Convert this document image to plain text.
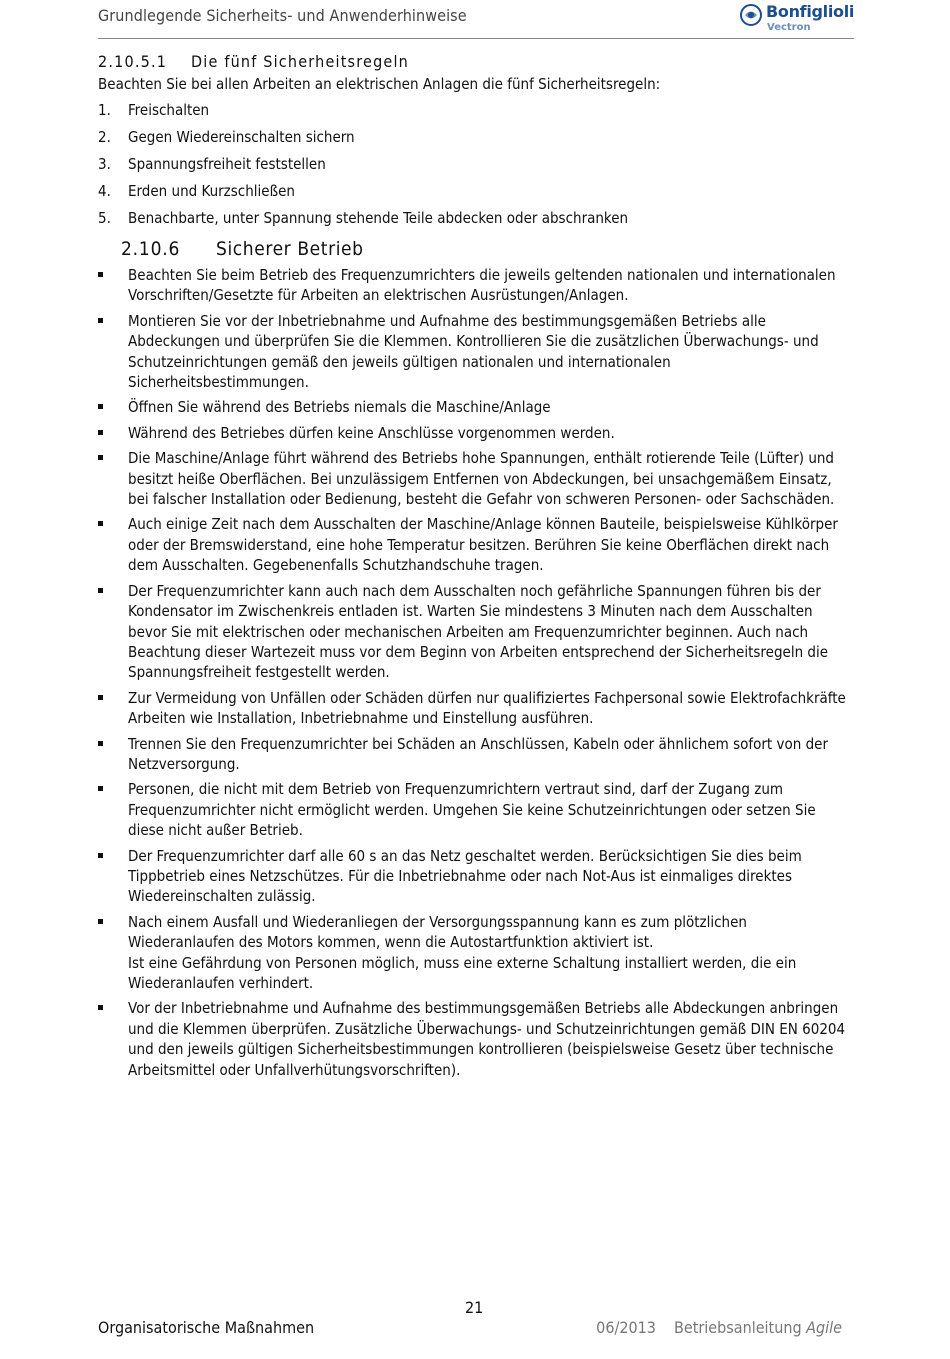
Grundlegende Sicherheits- und Anwenderhinweise	Bonfiglioli
Vectron
2.10.5.1 Die fünf Sicherheitsregeln
Beachten Sie bei allen Arbeiten an elektrischen Anlagen die fünf Sicherheitsregeln:
1. Freischalten
2. Gegen Wiedereinschalten sichern
3. Spannungsfreiheit feststellen
4. Erden und Kurzschließen
5. Benachbarte, unter Spannung stehende Teile abdecken oder abschranken
2.10.6 Sicherer Betrieb
Beachten Sie beim Betrieb des Frequenzumrichters die jeweils geltenden nationalen und internationalen Vorschriften/Gesetzte für Arbeiten an elektrischen Ausrüstungen/Anlagen.
Montieren Sie vor der Inbetriebnahme und Aufnahme des bestimmungsgemäßen Betriebs alle Abdeckungen und überprüfen Sie die Klemmen. Kontrollieren Sie die zusätzlichen Überwachungs- und Schutzeinrichtungen gemäß den jeweils gültigen nationalen und internationalen Sicherheitsbestimmungen.
Öffnen Sie während des Betriebs niemals die Maschine/Anlage
Während des Betriebes dürfen keine Anschlüsse vorgenommen werden.
Die Maschine/Anlage führt während des Betriebs hohe Spannungen, enthält rotierende Teile (Lüfter) und besitzt heiße Oberflächen. Bei unzulässigem Entfernen von Abdeckungen, bei unsachgemäßem Einsatz, bei falscher Installation oder Bedienung, besteht die Gefahr von schweren Personen- oder Sachschäden.
Auch einige Zeit nach dem Ausschalten der Maschine/Anlage können Bauteile, beispielsweise Kühlkörper oder der Bremswiderstand, eine hohe Temperatur besitzen. Berühren Sie keine Oberflächen direkt nach dem Ausschalten. Gegebenenfalls Schutzhandschuhe tragen.
Der Frequenzumrichter kann auch nach dem Ausschalten noch gefährliche Spannungen führen bis der Kondensator im Zwischenkreis entladen ist. Warten Sie mindestens 3 Minuten nach dem Ausschalten bevor Sie mit elektrischen oder mechanischen Arbeiten am Frequenzumrichter beginnen. Auch nach Beachtung dieser Wartezeit muss vor dem Beginn von Arbeiten entsprechend der Sicherheitsregeln die Spannungsfreiheit festgestellt werden.
Zur Vermeidung von Unfällen oder Schäden dürfen nur qualifiziertes Fachpersonal sowie Elektrofachkräfte Arbeiten wie Installation, Inbetriebnahme und Einstellung ausführen.
Trennen Sie den Frequenzumrichter bei Schäden an Anschlüssen, Kabeln oder ähnlichem sofort von der Netzversorgung.
Personen, die nicht mit dem Betrieb von Frequenzumrichtern vertraut sind, darf der Zugang zum Frequenzumrichter nicht ermöglicht werden. Umgehen Sie keine Schutzeinrichtungen oder setzen Sie diese nicht außer Betrieb.
Der Frequenzumrichter darf alle 60 s an das Netz geschaltet werden. Berücksichtigen Sie dies beim Tippbetrieb eines Netzschützes. Für die Inbetriebnahme oder nach Not-Aus ist einmaliges direktes Wiedereinschalten zulässig.
Nach einem Ausfall und Wiederanliegen der Versorgungsspannung kann es zum plötzlichen Wiederanlaufen des Motors kommen, wenn die Autostartfunktion aktiviert ist.
Ist eine Gefährdung von Personen möglich, muss eine externe Schaltung installiert werden, die ein Wiederanlaufen verhindert.
Vor der Inbetriebnahme und Aufnahme des bestimmungsgemäßen Betriebs alle Abdeckungen anbringen und die Klemmen überprüfen. Zusätzliche Überwachungs- und Schutzeinrichtungen gemäß DIN EN 60204 und den jeweils gültigen Sicherheitsbestimmungen kontrollieren (beispielsweise Gesetz über technische Arbeitsmittel oder Unfallverhütungsvorschriften).
21
Organisatorische Maßnahmen	06/2013 Betriebsanleitung Agile
